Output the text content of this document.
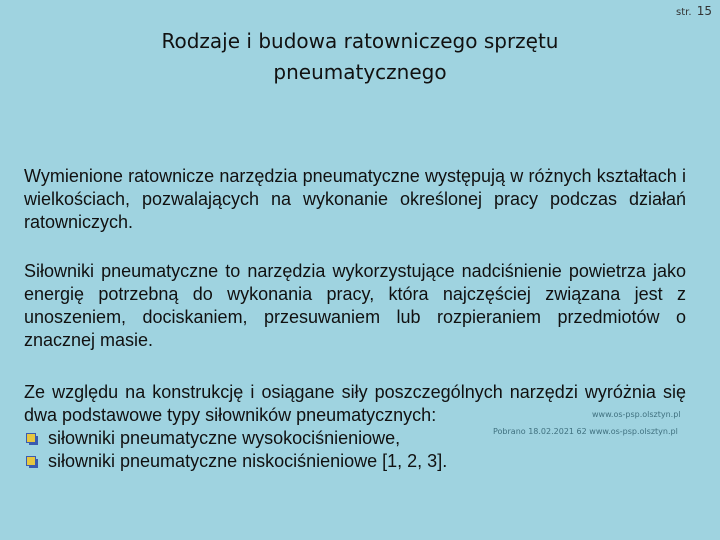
str. 15
Rodzaje i budowa ratowniczego sprzętu pneumatycznego

Wymienione ratownicze narzędzia pneumatyczne występują w różnych kształtach i wielkościach, pozwalających na wykonanie określonej pracy podczas działań ratowniczych.

Siłowniki pneumatyczne to narzędzia wykorzystujące nadciśnienie powietrza jako energię potrzebną do wykonania pracy, która najczęściej związana jest z unoszeniem, dociskaniem, przesuwaniem lub rozpieraniem przedmiotów o znacznej masie.

Ze względu na konstrukcję i osiągane siły poszczególnych narzędzi wyróżnia się dwa podstawowe typy siłowników pneumatycznych:	www.os-psp.olsztyn.pl
Pobrano 18.02.2021 62 www.os-psp.olsztyn.pl
siłowniki pneumatyczne wysokociśnieniowe,
siłowniki pneumatyczne niskociśnieniowe [1, 2, 3].
